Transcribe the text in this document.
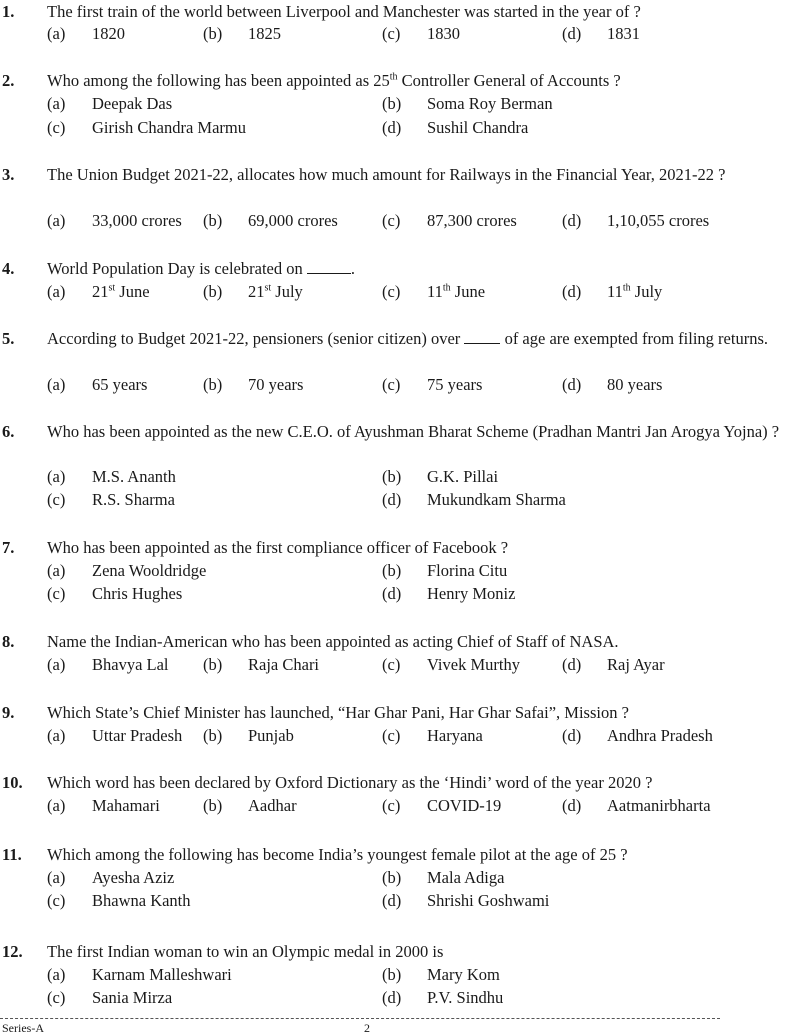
1. The first train of the world between Liverpool and Manchester was started in the year of ?
(a) 1820	(b) 1825	(c) 1830	(d) 1831
2. Who among the following has been appointed as 25th Controller General of Accounts ?
(a) Deepak Das	(b) Soma Roy Berman
(c) Girish Chandra Marmu	(d) Sushil Chandra
3. The Union Budget 2021-22, allocates how much amount for Railways in the Financial Year, 2021-22 ?
(a) 33,000 crores (b) 69,000 crores	(c) 87,300 crores	(d) 1,10,055 crores
4. World Population Day is celebrated on	.
(a) 21st June	(b) 21st July	(c) 11th June	(d) 11th July
5. According to Budget 2021-22, pensioners (senior citizen) over  of age are exempted from filing returns.
(a) 65 years	(b) 70 years	(c) 75 years	(d) 80 years
6. Who has been appointed as the new C.E.O. of Ayushman Bharat Scheme (Pradhan Mantri Jan Arogya Yojna) ?
(a) M.S. Ananth	(b) G.K. Pillai
(c) R.S. Sharma	(d) Mukundkam Sharma
7. Who has been appointed as the first compliance officer of Facebook ?
(a) Zena Wooldridge	(b) Florina Citu
(c) Chris Hughes	(d) Henry Moniz
8. Name the Indian-American who has been appointed as acting Chief of Staff of NASA.
(a) Bhavya Lal (b) Raja Chari	(c) Vivek Murthy	(d) Raj Ayar
9. Which State’s Chief Minister has launched, “Har Ghar Pani, Har Ghar Safai”, Mission ?
(a) Uttar Pradesh (b) Punjab	(c) Haryana	(d) Andhra Pradesh
10. Which word has been declared by Oxford Dictionary as the ‘Hindi’ word of the year 2020 ?
(a) Mahamari	(b) Aadhar	(c) COVID-19	(d) Aatmanirbharta
11. Which among the following has become India’s youngest female pilot at the age of 25 ?
(a) Ayesha Aziz	(b) Mala Adiga
(c) Bhawna Kanth	(d) Shrishi Goshwami
12. The first Indian woman to win an Olympic medal in 2000 is
(a) Karnam Malleshwari	(b) Mary Kom
(c) Sania Mirza	(d) P.V. Sindhu
Series-A	2
